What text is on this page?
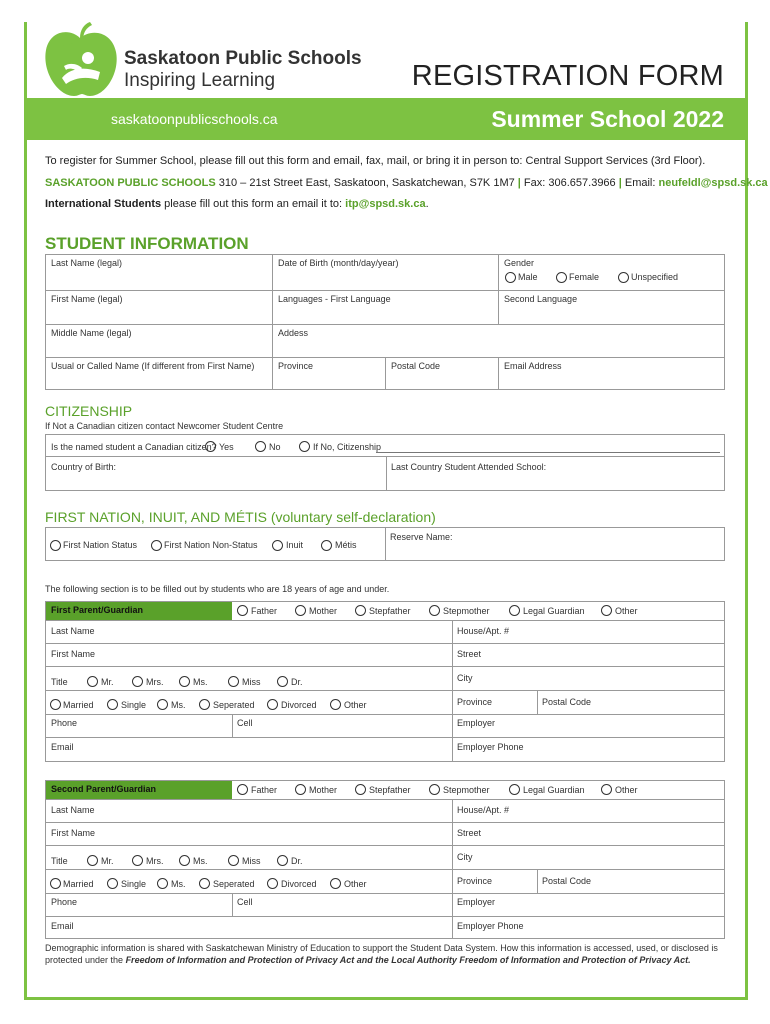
Saskatoon Public Schools
Inspiring Learning	REGISTRATION FORM
saskatoonpublicschools.ca	Summer School 2022
To register for Summer School, please fill out this form and email, fax, mail, or bring it in person to: Central Support Services (3rd Floor).
SASKATOON PUBLIC SCHOOLS 310 – 21st Street East, Saskatoon, Saskatchewan, S7K 1M7 | Fax: 306.657.3966 | Email: neufeldl@spsd.sk.ca
International Students please fill out this form an email it to: itp@spsd.sk.ca.
STUDENT INFORMATION
Last Name (legal)	Date of Birth (month/day/year)	Gender
Male	Female	Unspecified
First Name (legal)	Languages - First Language	Second Language
Middle Name (legal)	Addess
Usual or Called Name (If different from First Name)	Province	Postal Code	Email Address
CITIZENSHIP
If Not a Canadian citizen contact Newcomer Student Centre
Is the named student a Canadian citizen? Yes	No	If No, Citizenship
Country of Birth:	Last Country Student Attended School:
FIRST NATION, INUIT, AND MÉTIS (voluntary self-declaration)
First Nation Status	First Nation Non-Status	Inuit	Métis
Reserve Name:
The following section is to be filled out by students who are 18 years of age and under.
First Parent/Guardian	Father	Mother	Stepfather	Stepmother	Legal Guardian	Other
Last Name	House/Apt. #
First Name	Street
Title	Mr.	Mrs.	Ms.	Miss	Dr.	City
Married	Single	Ms.	Seperated	Divorced	Other	Province	Postal Code
Phone	Cell	Employer
Email	Employer Phone
Second Parent/Guardian	Father	Mother	Stepfather	Stepmother	Legal Guardian	Other
Last Name	House/Apt. #
First Name	Street
Title	Mr.	Mrs.	Ms.	Miss	Dr.	City
Married	Single	Ms.	Seperated	Divorced	Other	Province	Postal Code
Phone	Cell	Employer
Email	Employer Phone
Demographic information is shared with Saskatchewan Ministry of Education to support the Student Data System. How this information is accessed, used, or disclosed is protected under the Freedom of Information and Protection of Privacy Act and the Local Authority Freedom of Information and Protection of Privacy Act.
